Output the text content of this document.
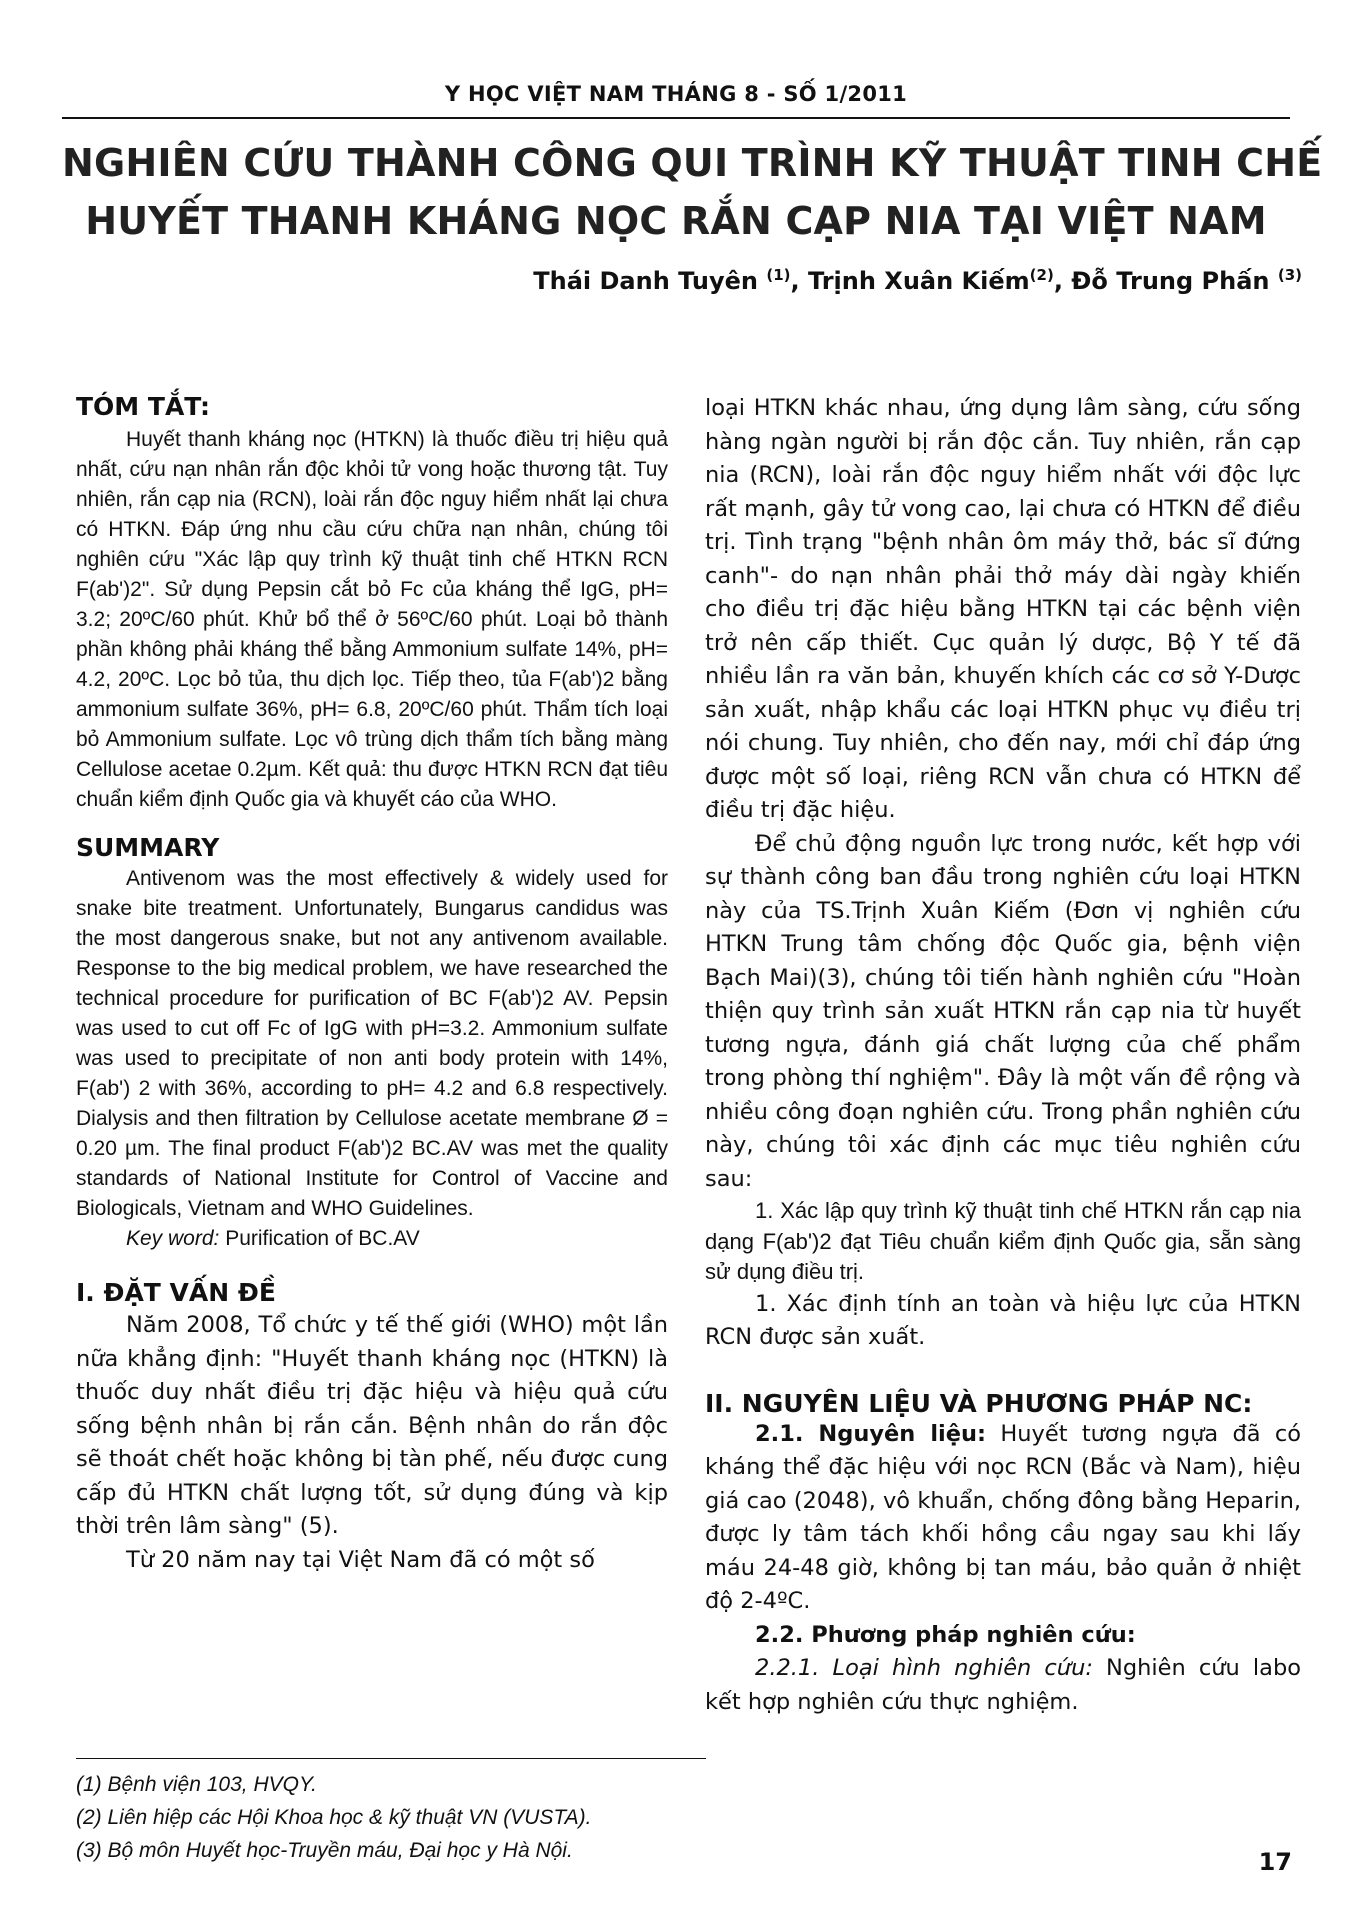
Y HỌC VIỆT NAM THÁNG 8 - SỐ 1/2011
NGHIÊN CỨU THÀNH CÔNG QUI TRÌNH KỸ THUẬT TINH CHẾ
HUYẾT THANH KHÁNG NỌC RẮN CẠP NIA TẠI VIỆT NAM
Thái Danh Tuyên $^{(1)}$, Trịnh Xuân Kiếm$^{(2)}$, Đỗ Trung Phấn $^{(3)}$
TÓM TẮT:

Huyết thanh kháng nọc (HTKN) là thuốc điều trị hiệu quả nhất, cứu nạn nhân rắn độc khỏi tử vong hoặc thương tật. Tuy nhiên, rắn cạp nia (RCN), loài rắn độc nguy hiểm nhất lại chưa có HTKN. Đáp ứng nhu cầu cứu chữa nạn nhân, chúng tôi nghiên cứu "Xác lập quy trình kỹ thuật tinh chế HTKN RCN F(ab')2". Sử dụng Pepsin cắt bỏ Fc của kháng thể IgG, pH= 3.2; 20ºC/60 phút. Khử bổ thể ở 56ºC/60 phút. Loại bỏ thành phần không phải kháng thể bằng Ammonium sulfate 14%, pH= 4.2, 20ºC. Lọc bỏ tủa, thu dịch lọc. Tiếp theo, tủa F(ab')2 bằng ammonium sulfate 36%, pH= 6.8, 20ºC/60 phút. Thẩm tích loại bỏ Ammonium sulfate. Lọc vô trùng dịch thẩm tích bằng màng Cellulose acetae 0.2µm. Kết quả: thu được HTKN RCN đạt tiêu chuẩn kiểm định Quốc gia và khuyết cáo của WHO.

SUMMARY

Antivenom was the most effectively & widely used for snake bite treatment. Unfortunately, Bungarus candidus was the most dangerous snake, but not any antivenom available. Response to the big medical problem, we have researched the technical procedure for purification of BC F(ab')2 AV. Pepsin was used to cut off Fc of IgG with pH=3.2. Ammonium sulfate was used to precipitate of non anti body protein with 14%, F(ab') 2 with 36%, according to pH= 4.2 and 6.8 respectively. Dialysis and then filtration by Cellulose acetate membrane Ø = 0.20 µm. The final product F(ab')2 BC.AV was met the quality standards of National Institute for Control of Vaccine and Biologicals, Vietnam and WHO Guidelines.

Key word: Purification of BC.AV

I. ĐẶT VẤN ĐỀ

Năm 2008, Tổ chức y tế thế giới (WHO) một lần nữa khẳng định: "Huyết thanh kháng nọc (HTKN) là thuốc duy nhất điều trị đặc hiệu và hiệu quả cứu sống bệnh nhân bị rắn cắn. Bệnh nhân do rắn độc sẽ thoát chết hoặc không bị tàn phế, nếu được cung cấp đủ HTKN chất lượng tốt, sử dụng đúng và kịp thời trên lâm sàng" (5).

Từ 20 năm nay tại Việt Nam đã có một số

loại HTKN khác nhau, ứng dụng lâm sàng, cứu sống hàng ngàn người bị rắn độc cắn. Tuy nhiên, rắn cạp nia (RCN), loài rắn độc nguy hiểm nhất với độc lực rất mạnh, gây tử vong cao, lại chưa có HTKN để điều trị. Tình trạng "bệnh nhân ôm máy thở, bác sĩ đứng canh"- do nạn nhân phải thở máy dài ngày khiến cho điều trị đặc hiệu bằng HTKN tại các bệnh viện trở nên cấp thiết. Cục quản lý dược, Bộ Y tế đã nhiều lần ra văn bản, khuyến khích các cơ sở Y-Dược sản xuất, nhập khẩu các loại HTKN phục vụ điều trị nói chung. Tuy nhiên, cho đến nay, mới chỉ đáp ứng được một số loại, riêng RCN vẫn chưa có HTKN để điều trị đặc hiệu.

Để chủ động nguồn lực trong nước, kết hợp với sự thành công ban đầu trong nghiên cứu loại HTKN này của TS.Trịnh Xuân Kiếm (Đơn vị nghiên cứu HTKN Trung tâm chống độc Quốc gia, bệnh viện Bạch Mai)(3), chúng tôi tiến hành nghiên cứu "Hoàn thiện quy trình sản xuất HTKN rắn cạp nia từ huyết tương ngựa, đánh giá chất lượng của chế phẩm trong phòng thí nghiệm". Đây là một vấn đề rộng và nhiều công đoạn nghiên cứu. Trong phần nghiên cứu này, chúng tôi xác định các mục tiêu nghiên cứu sau:

1. Xác lập quy trình kỹ thuật tinh chế HTKN rắn cạp nia dạng F(ab')2 đạt Tiêu chuẩn kiểm định Quốc gia, sẵn sàng sử dụng điều trị.

1. Xác định tính an toàn và hiệu lực của HTKN RCN được sản xuất.

II. NGUYÊN LIỆU VÀ PHƯƠNG PHÁP NC:

2.1. Nguyên liệu: Huyết tương ngựa đã có kháng thể đặc hiệu với nọc RCN (Bắc và Nam), hiệu giá cao (2048), vô khuẩn, chống đông bằng Heparin, được ly tâm tách khối hồng cầu ngay sau khi lấy máu 24-48 giờ, không bị tan máu, bảo quản ở nhiệt độ 2-4ºC.

2.2. Phương pháp nghiên cứu:

2.2.1. Loại hình nghiên cứu: Nghiên cứu labo kết hợp nghiên cứu thực nghiệm.

(1) Bệnh viện 103, HVQY.
(2) Liên hiệp các Hội Khoa học & kỹ thuật VN (VUSTA).
(3) Bộ môn Huyết học-Truyền máu, Đại học y Hà Nội.	17
